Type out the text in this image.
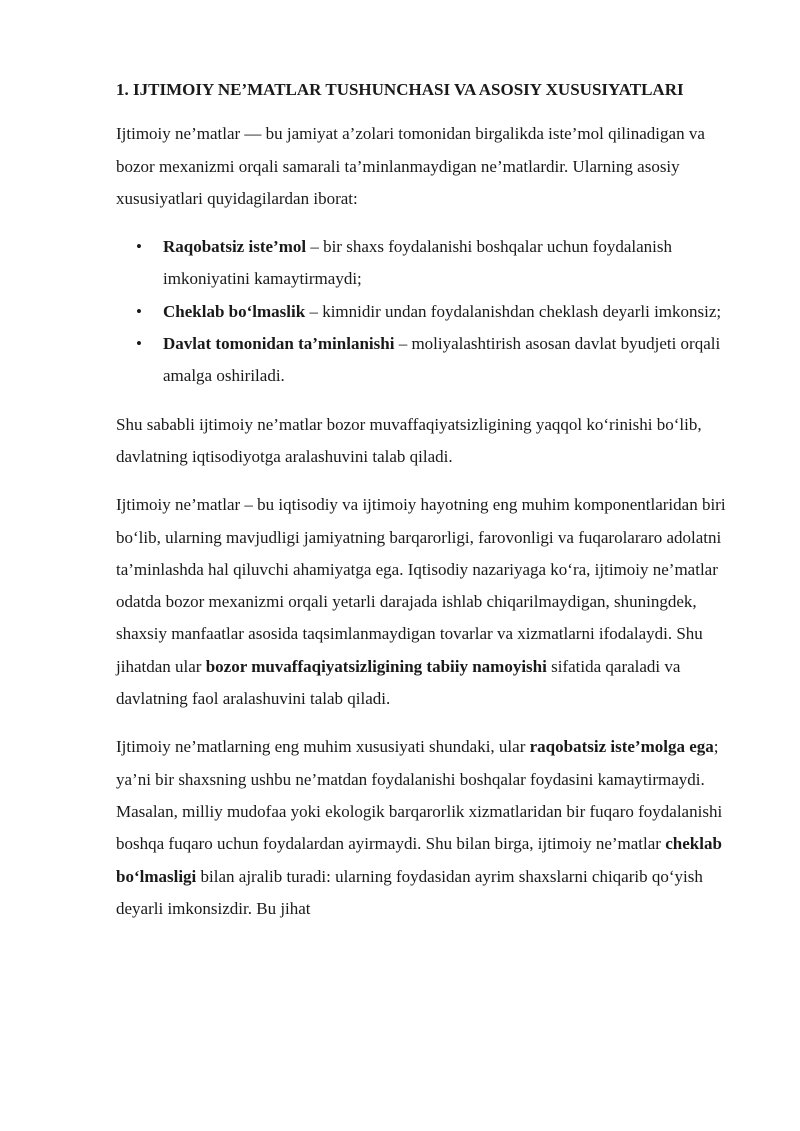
1. IJTIMOIY NE’MATLAR TUSHUNCHASI VA ASOSIY XUSUSIYATLARI

Ijtimoiy ne’matlar — bu jamiyat a’zolari tomonidan birgalikda iste’mol qilinadigan va bozor mexanizmi orqali samarali ta’minlanmaydigan ne’matlardir. Ularning asosiy xususiyatlari quyidagilardan iborat:

• Raqobatsiz iste’mol – bir shaxs foydalanishi boshqalar uchun foydalanish imkoniyatini kamaytirmaydi;
• Cheklab bo‘lmaslik – kimnidir undan foydalanishdan cheklash deyarli imkonsiz;
• Davlat tomonidan ta’minlanishi – moliyalashtirish asosan davlat byudjeti orqali amalga oshiriladi.

Shu sababli ijtimoiy ne’matlar bozor muvaffaqiyatsizligining yaqqol ko‘rinishi bo‘lib, davlatning iqtisodiyotga aralashuvini talab qiladi.

Ijtimoiy ne’matlar – bu iqtisodiy va ijtimoiy hayotning eng muhim komponentlaridan biri bo‘lib, ularning mavjudligi jamiyatning barqarorligi, farovonligi va fuqarolararo adolatni ta’minlashda hal qiluvchi ahamiyatga ega. Iqtisodiy nazariyaga ko‘ra, ijtimoiy ne’matlar odatda bozor mexanizmi orqali yetarli darajada ishlab chiqarilmaydigan, shuningdek, shaxsiy manfaatlar asosida taqsimlanmaydigan tovarlar va xizmatlarni ifodalaydi. Shu jihatdan ular bozor muvaffaqiyatsizligining tabiiy namoyishi sifatida qaraladi va davlatning faol aralashuvini talab qiladi.

Ijtimoiy ne’matlarning eng muhim xususiyati shundaki, ular raqobatsiz iste’molga ega; ya’ni bir shaxsning ushbu ne’matdan foydalanishi boshqalar foydasini kamaytirmaydi. Masalan, milliy mudofaa yoki ekologik barqarorlik xizmatlaridan bir fuqaro foydalanishi boshqa fuqaro uchun foydalardan ayirmaydi. Shu bilan birga, ijtimoiy ne’matlar cheklab bo‘lmasligi bilan ajralib turadi: ularning foydasidan ayrim shaxslarni chiqarib qo‘yish deyarli imkonsizdir. Bu jihat
